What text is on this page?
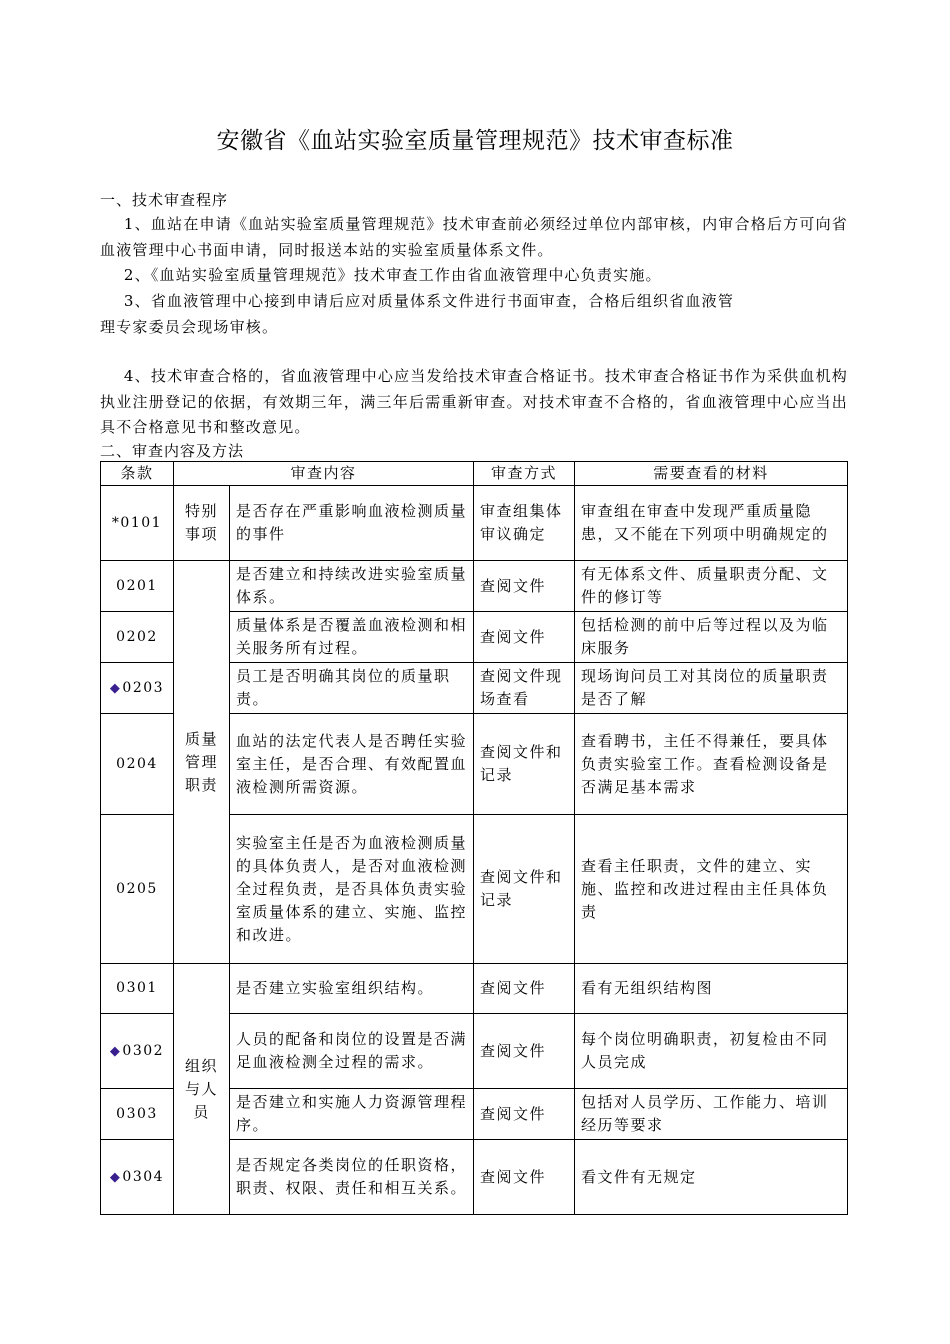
安徽省《血站实验室质量管理规范》技术审查标准
一、技术审查程序
1、血站在申请《血站实验室质量管理规范》技术审查前必须经过单位内部审核，内审合格后方可向省血液管理中心书面申请，同时报送本站的实验室质量体系文件。
2、《血站实验室质量管理规范》技术审查工作由省血液管理中心负责实施。
3、省血液管理中心接到申请后应对质量体系文件进行书面审查，合格后组织省血液管
理专家委员会现场审核。
4、技术审查合格的，省血液管理中心应当发给技术审查合格证书。技术审查合格证书作为采供血机构执业注册登记的依据，有效期三年，满三年后需重新审查。对技术审查不合格的，省血液管理中心应当出具不合格意见书和整改意见。
二、审查内容及方法
条款	审查内容		审查方式	需要查看的材料
*0101	特别事项	是否存在严重影响血液检测质量的事件	审查组集体审议确定	审查组在审查中发现严重质量隐患，又不能在下列项中明确规定的
0201	质量管理职责	是否建立和持续改进实验室质量体系。	查阅文件	有无体系文件、质量职责分配、文件的修订等
0202		质量体系是否覆盖血液检测和相关服务所有过程。	查阅文件	包括检测的前中后等过程以及为临床服务
◆0203		员工是否明确其岗位的质量职责。	查阅文件现场查看	现场询问员工对其岗位的质量职责是否了解
0204		血站的法定代表人是否聘任实验室主任，是否合理、有效配置血液检测所需资源。	查阅文件和记录	查看聘书，主任不得兼任，要具体负责实验室工作。查看检测设备是否满足基本需求
0205		实验室主任是否为血液检测质量的具体负责人，是否对血液检测全过程负责，是否具体负责实验室质量体系的建立、实施、监控和改进。	查阅文件和记录	查看主任职责，文件的建立、实施、监控和改进过程由主任具体负责
0301	组织与人员	是否建立实验室组织结构。	查阅文件	看有无组织结构图
◆0302		人员的配备和岗位的设置是否满足血液检测全过程的需求。	查阅文件	每个岗位明确职责，初复检由不同人员完成
0303		是否建立和实施人力资源管理程序。	查阅文件	包括对人员学历、工作能力、培训经历等要求
◆0304		是否规定各类岗位的任职资格，职责、权限、责任和相互关系。	查阅文件	看文件有无规定
